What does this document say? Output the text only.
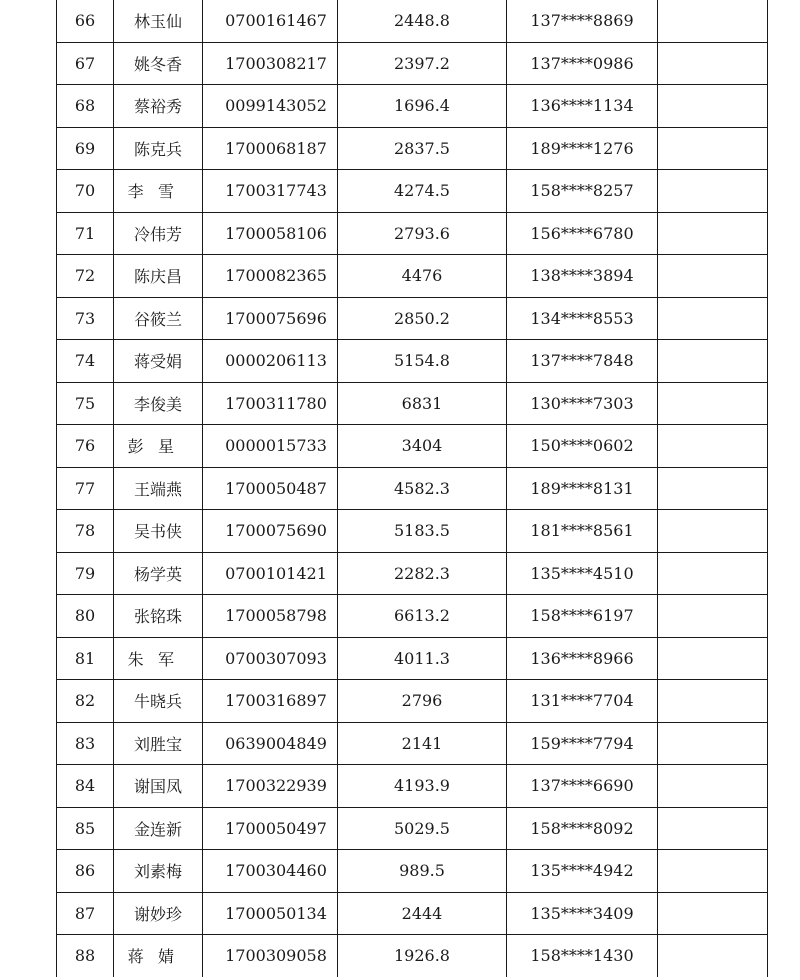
66	林玉仙	0700161467	2448.8	137****8869	
67	姚冬香	1700308217	2397.2	137****0986	
68	蔡裕秀	0099143052	1696.4	136****1134	
69	陈克兵	1700068187	2837.5	189****1276	
70	李雪	1700317743	4274.5	158****8257	
71	冷伟芳	1700058106	2793.6	156****6780	
72	陈庆昌	1700082365	4476	138****3894	
73	谷筱兰	1700075696	2850.2	134****8553	
74	蒋受娟	0000206113	5154.8	137****7848	
75	李俊美	1700311780	6831	130****7303	
76	彭星	0000015733	3404	150****0602	
77	王端燕	1700050487	4582.3	189****8131	
78	吴书侠	1700075690	5183.5	181****8561	
79	杨学英	0700101421	2282.3	135****4510	
80	张铭珠	1700058798	6613.2	158****6197	
81	朱军	0700307093	4011.3	136****8966	
82	牛晓兵	1700316897	2796	131****7704	
83	刘胜宝	0639004849	2141	159****7794	
84	谢国凤	1700322939	4193.9	137****6690	
85	金连新	1700050497	5029.5	158****8092	
86	刘素梅	1700304460	989.5	135****4942	
87	谢妙珍	1700050134	2444	135****3409	
88	蒋婧	1700309058	1926.8	158****1430	
